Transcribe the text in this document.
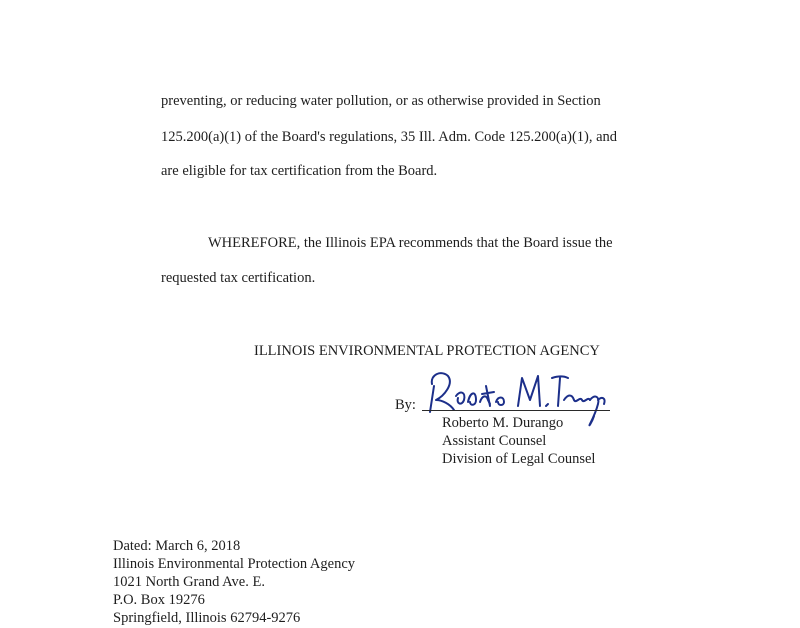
preventing, or reducing water pollution, or as otherwise provided in Section
125.200(a)(1) of the Board's regulations, 35 Ill. Adm. Code 125.200(a)(1), and
are eligible for tax certification from the Board.
WHEREFORE, the Illinois EPA recommends that the Board issue the
requested tax certification.
ILLINOIS ENVIRONMENTAL PROTECTION AGENCY
By:
Roberto M. Durango
Assistant Counsel
Division of Legal Counsel
Dated: March 6, 2018
Illinois Environmental Protection Agency
1021 North Grand Ave. E.
P.O. Box 19276
Springfield, Illinois 62794-9276
